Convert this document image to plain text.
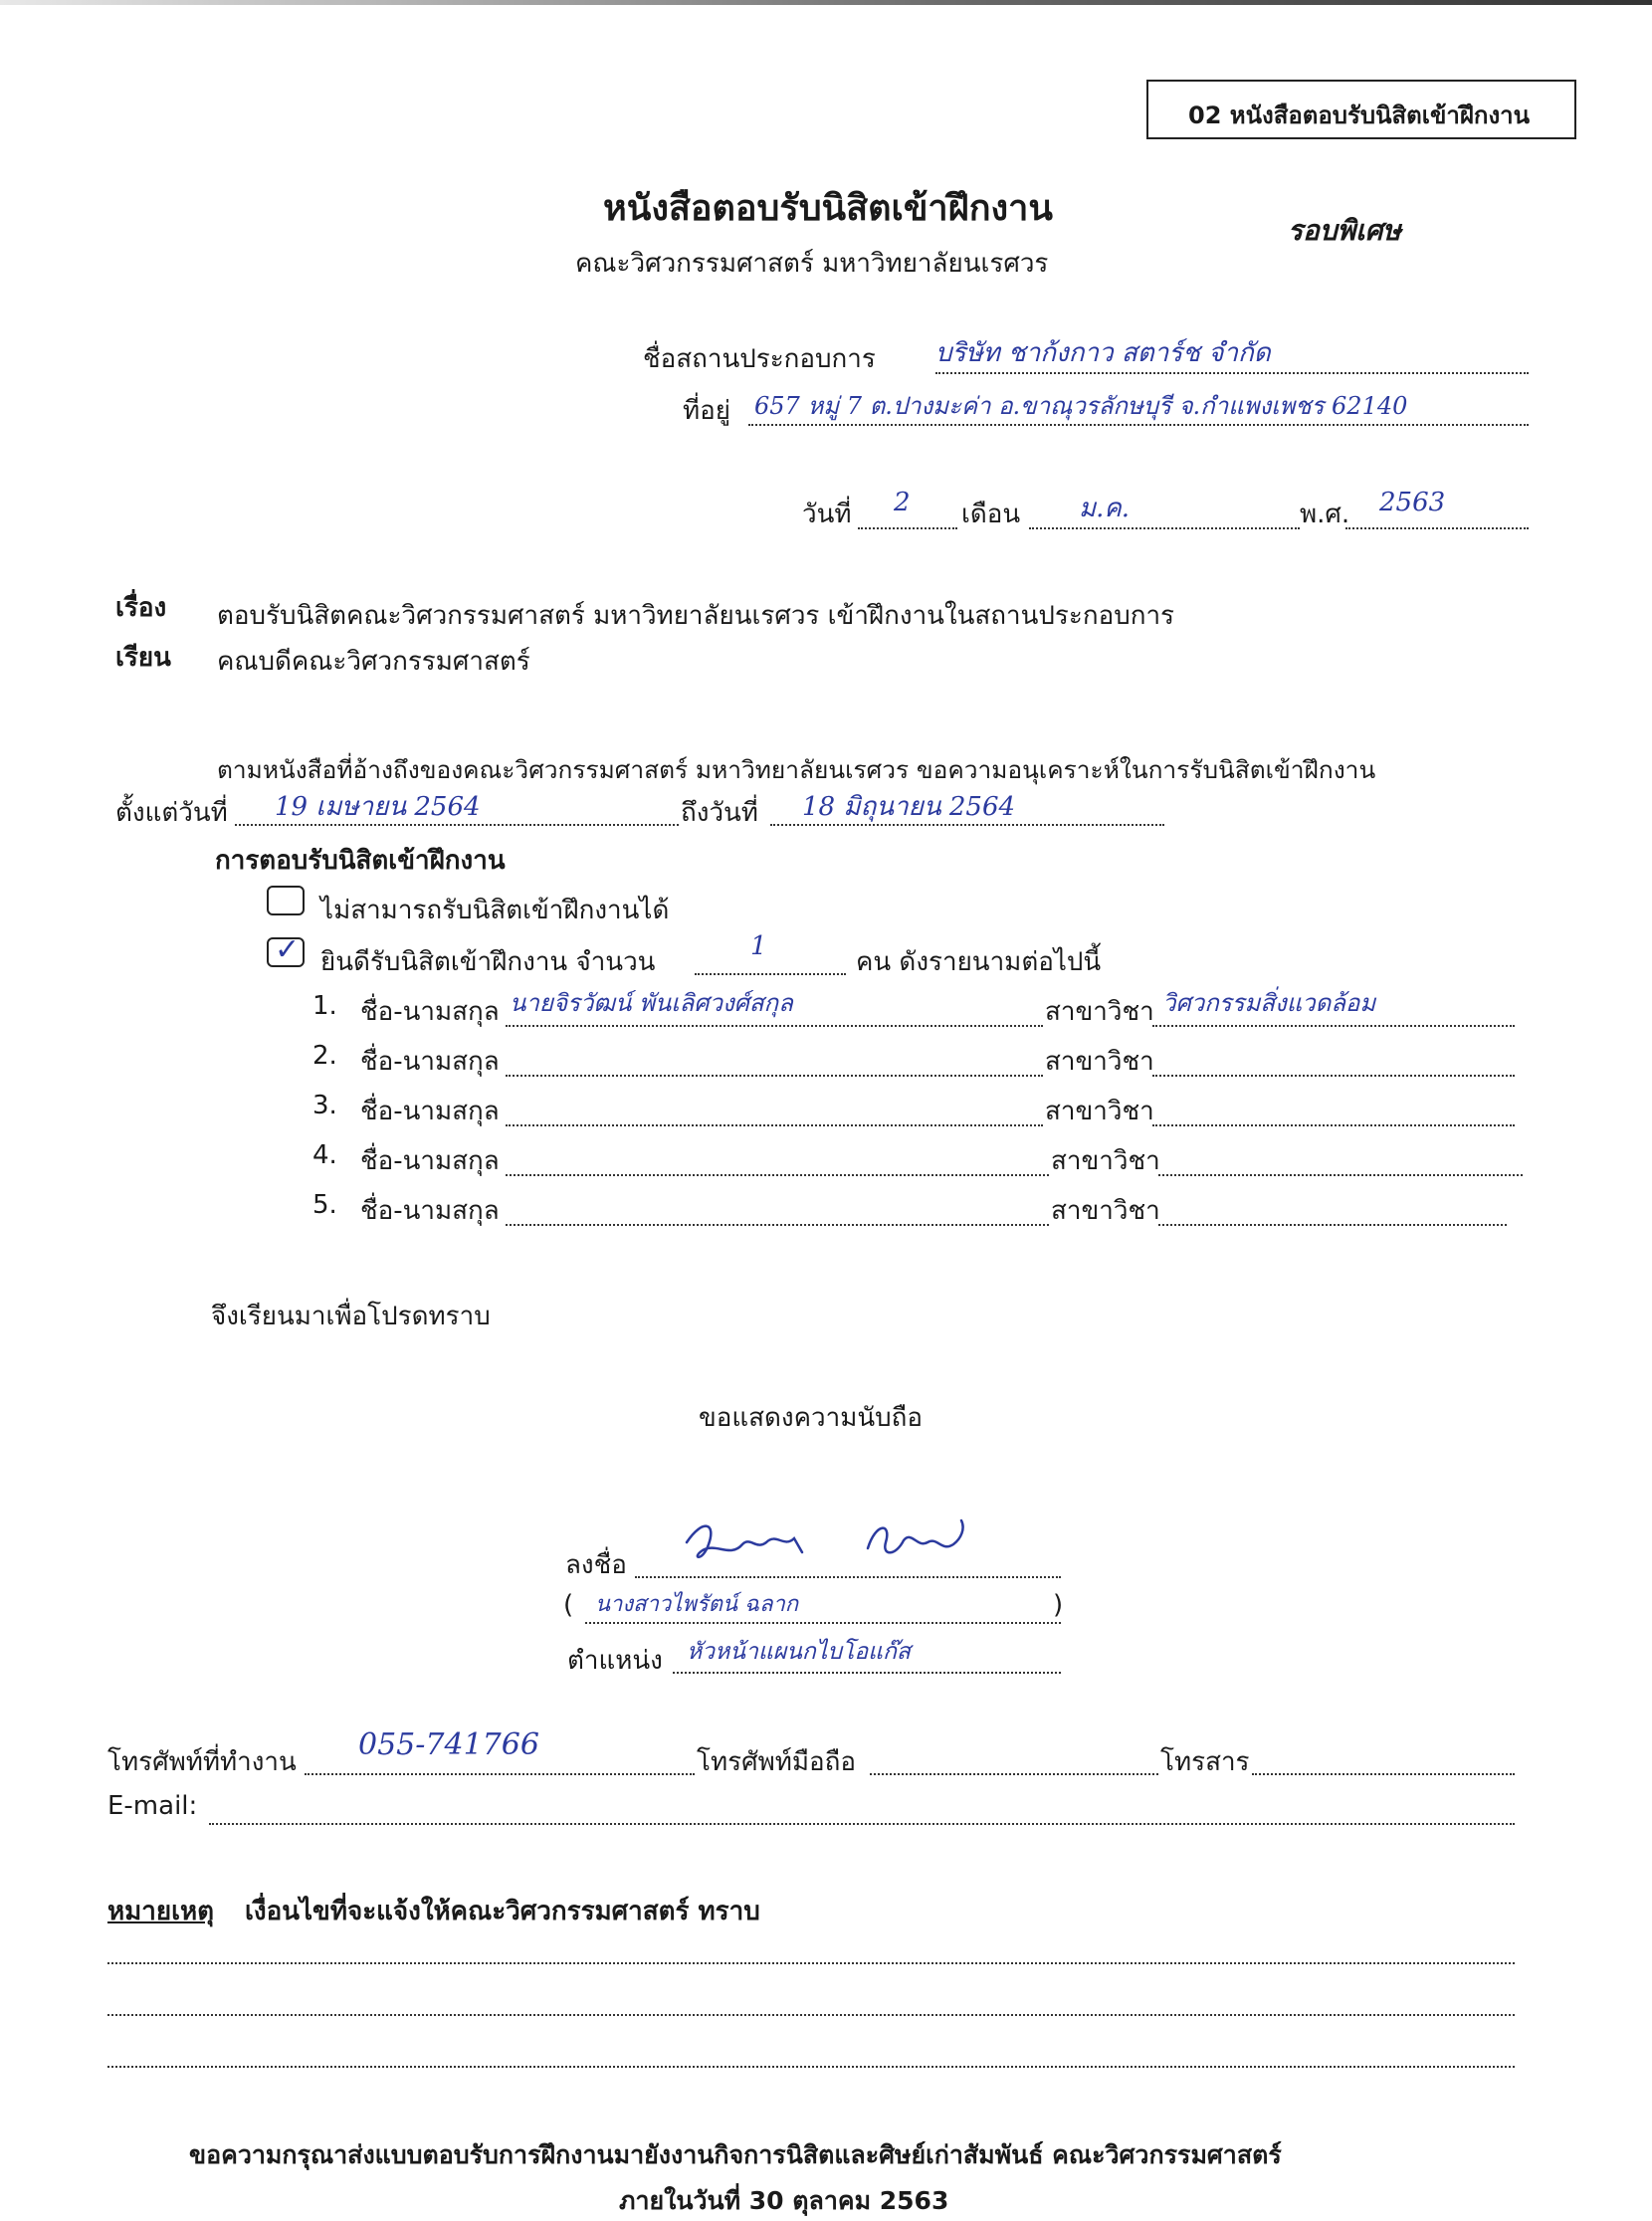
02 หนังสือตอบรับนิสิตเข้าฝึกงาน
หนังสือตอบรับนิสิตเข้าฝึกงาน
คณะวิศวกรรมศาสตร์ มหาวิทยาลัยนเรศวร
รอบพิเศษ
ชื่อสถานประกอบการ บริษัท ชาก้งกาว สตาร์ช จำกัด
ที่อยู่ 657 หมู่ 7 ต.ปางมะค่า อ.ขาณุวรลักษบุรี จ.กำแพงเพชร 62140
วันที่ 2 เดือน ม.ค.	พ.ศ. 2563
เรื่อง ตอบรับนิสิตคณะวิศวกรรมศาสตร์ มหาวิทยาลัยนเรศวร เข้าฝึกงานในสถานประกอบการ
เรียน คณบดีคณะวิศวกรรมศาสตร์
ตามหนังสือที่อ้างถึงของคณะวิศวกรรมศาสตร์ มหาวิทยาลัยนเรศวร ขอความอนุเคราะห์ในการรับนิสิตเข้าฝึกงาน
ตั้งแต่วันที่ 19 เมษายน 2564	ถึงวันที่ 18 มิถุนายน 2564
การตอบรับนิสิตเข้าฝึกงาน
ไม่สามารถรับนิสิตเข้าฝึกงานได้
✓ ยินดีรับนิสิตเข้าฝึกงาน จำนวน
1
คน ดังรายนามต่อไปนี้
1. ชื่อ-นามสกุล นายจิรวัฒน์ พันเลิศวงศ์สกุล	สาขาวิชา วิศวกรรมสิ่งแวดล้อม
2. ชื่อ-นามสกุล	สาขาวิชา
3. ชื่อ-นามสกุล	สาขาวิชา
4. ชื่อ-นามสกุล	สาขาวิชา
5. ชื่อ-นามสกุล	สาขาวิชา
จึงเรียนมาเพื่อโปรดทราบ
ขอแสดงความนับถือ
ลงชื่อ	ไวพร์วงศ์ ฉลาก
( นางสาวไพรัตน์ ฉลาก	)
ตำแหน่ง หัวหน้าแผนกไบโอแก๊ส
โทรศัพท์ที่ทำงาน 055-741766	โทรศัพท์มือถือ	โทรสาร
E-mail:
หมายเหตุ เงื่อนไขที่จะแจ้งให้คณะวิศวกรรมศาสตร์ ทราบ
ขอความกรุณาส่งแบบตอบรับการฝึกงานมายังงานกิจการนิสิตและศิษย์เก่าสัมพันธ์ คณะวิศวกรรมศาสตร์
ภายในวันที่ 30 ตุลาคม 2563
